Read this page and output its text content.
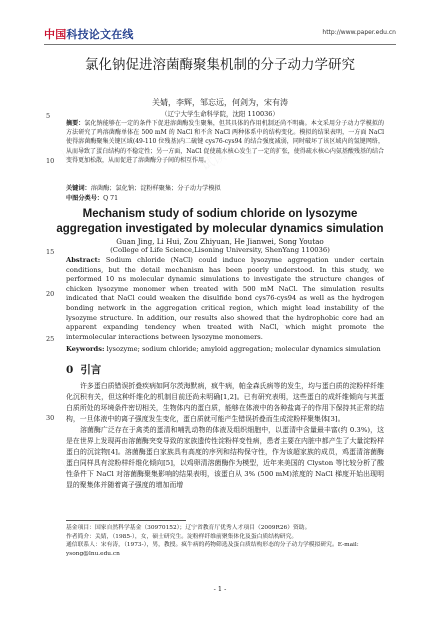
中国科技论文在线	http://www.paper.edu.cn
5
10
15
20
25
30
氯化钠促进溶菌酶聚集机制的分子动力学研究
关婧，李辉，邹忘远，何剑为，宋有涛
（辽宁大学生命科学院，沈阳 110036）
摘要：氯化钠能够在一定的条件下促进溶菌酶发生聚集，但其具体的作用机制还尚不明确。本文采用分子动力学模拟的方法研究了鸡溶菌酶单体在 500 mM 的 NaCl 和不含 NaCl 两种体系中的结构变化。模拟的结果表明，一方面 NaCl 使得溶菌酶聚集关键区域(49-110 位残基)内二硫键 cys76-cys94 的结合强度减弱，同时破坏了该区域内的氢键网络，从而导致了蛋白结构的不稳定性；另一方面，NaCl 促使疏水核心发生了一定的扩张，使得疏水核心内氨基酸残基的结合变得更加松散，从而促进了溶菌酶分子间的相互作用。
关键词：溶菌酶；氯化钠；淀粉样聚集；分子动力学模拟
中图分类号：Q 71
Mechanism study of sodium chloride on lysozyme aggregation investigated by molecular dynamics simulation
Guan Jing, Li Hui, Zou Zhiyuan, He Jianwei, Song Youtao
(College of Life Science,Lisoning University, ShenYang 110036)
Abstract: Sodium chloride (NaCl) could induce lysozyme aggregation under certain conditions, but the detail mechanism has been poorly understood. In this study, we performed 10 ns molecular dynamic simulations to investigate the structure changes of chicken lysozyme monomer when treated with 500 mM NaCl. The simulation results indicated that NaCl could weaken the disulfide bond cys76-cys94 as well as the hydrogen bonding network in the aggregation critical region, which might lead instability of the lysozyme structure. In addition, our results also showed that the hydrophobic core had an apparent expanding tendency when treated with NaCl, which might promote the intermolecular interactions between lysozyme monomers.
Keywords: lysozyme; sodium chloride; amyloid aggregation; molecular dynamics simulation
0 引言

许多蛋白质错误折叠疾病如阿尔茨海默病，疯牛病，帕金森氏病等的发生，均与蛋白质的淀粉样纤维化沉积有关，但这种纤维化的机制目前还尚未明确[1,2]。已有研究表明，这些蛋白的成纤维倾向与其蛋白质所处的环境条件密切相关，生物体内的蛋白质，能够在体液中的各种盐离子的作用下保持其正常的结构，一旦体液中的离子强度发生变化，蛋白质就可能产生错误折叠而生成淀粉样聚集体[3]。

溶菌酶广泛存在于禽类的蛋清和哺乳动物的体液及组织细胞中，以蛋清中含量最丰富(约 0.3%)，这是在世界上发现再由溶菌酶突变导致的家族遗传性淀粉样变性病，患者主要在内脏中都产生了大量淀粉样蛋白的沉淀物[4]。溶菌酶蛋白家族具有高度的序列和结构保守性，作为该超家族的成员，鸡蛋清溶菌酶蛋白同样具有淀粉样纤维化倾向[5]，以鸡卵清溶菌酶作为模型，近年来美国的 Clyston 等比较分析了酸性条件下 NaCl 对溶菌酶聚集影响的结果表明，该蛋白从 3% (500 mM)浓度的 NaCl 梯度开始出现明显的聚集体并随着离子强度的增加而增

基金项目：国家自然科学基金（30970152）；辽宁省教育厅优秀人才项目（2009R26）资助。

作者简介：关婧，（1985-），女，硕士研究生。淀粉样纤维前聚集体化及蛋白质结构研究。

通信联系人：宋有涛，（1973-），男，教授。疯牛病的药物筛选及蛋白质结构形态的分子动力学模拟研究。E-mail: ysong@lnu.edu.cn

- 1 -
